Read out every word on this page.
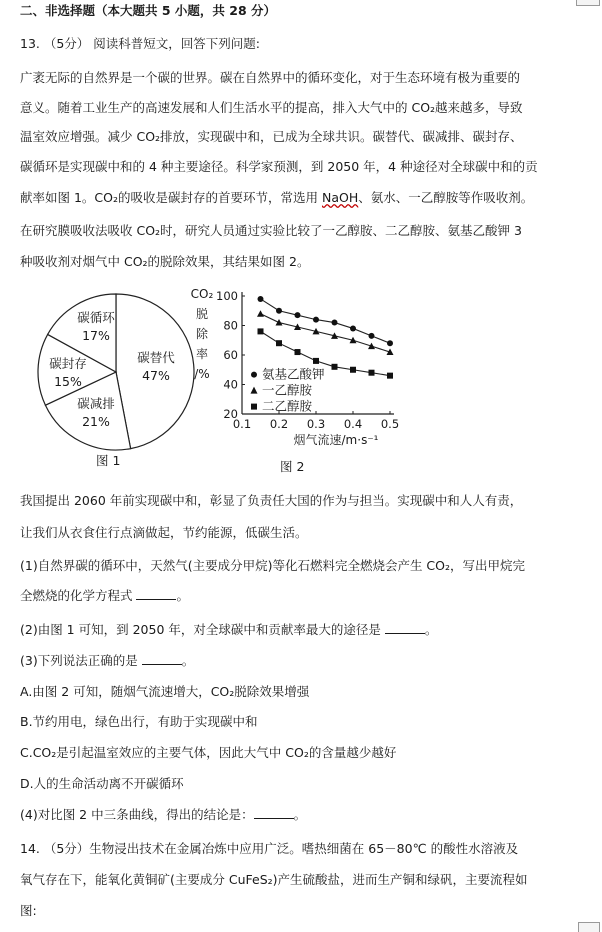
二、非选择题（本大题共 5 小题，共 28 分）
13. （5分） 阅读科普短文，回答下列问题:
广袤无际的自然界是一个碳的世界。碳在自然界中的循环变化，对于生态环境有极为重要的
意义。随着工业生产的高速发展和人们生活水平的提高，排入大气中的 CO₂越来越多，导致
温室效应增强。减少 CO₂排放，实现碳中和，已成为全球共识。碳替代、碳减排、碳封存、
碳循环是实现碳中和的 4 种主要途径。科学家预测，到 2050 年，4 种途径对全球碳中和的贡
献率如图 1。CO₂的吸收是碳封存的首要环节，常选用 NaOH、氨水、一乙醇胺等作吸收剂。
在研究膜吸收法吸收 CO₂时，研究人员通过实验比较了一乙醇胺、二乙醇胺、氨基乙酸钾 3
种吸收剂对烟气中 CO₂的脱除效果，其结果如图 2。
碳替代
47%
碳减排
21%
碳封存
15%
碳循环
17%
图 1
CO₂
脱
除
率
/%
20
40
60
80
100
0.1 0.2 0.3 0.4 0.5
烟气流速/m·s⁻¹
氨基乙酸钾
一乙醇胺
二乙醇胺
图 2
我国提出 2060 年前实现碳中和，彰显了负责任大国的作为与担当。实现碳中和人人有责，
让我们从衣食住行点滴做起，节约能源，低碳生活。
(1)自然界碳的循环中，天然气(主要成分甲烷)等化石燃料完全燃烧会产生 CO₂，写出甲烷完
全燃烧的化学方程式	。
(2)由图 1 可知，到 2050 年，对全球碳中和贡献率最大的途径是	。
(3)下列说法正确的是	。
A.由图 2 可知，随烟气流速增大，CO₂脱除效果增强
B.节约用电，绿色出行，有助于实现碳中和
C.CO₂是引起温室效应的主要气体，因此大气中 CO₂的含量越少越好
D.人的生命活动离不开碳循环
(4)对比图 2 中三条曲线，得出的结论是：	。
14. （5分）生物浸出技术在金属冶炼中应用广泛。嗜热细菌在 65－80℃ 的酸性水溶液及
氧气存在下，能氧化黄铜矿(主要成分 CuFeS₂)产生硫酸盐，进而生产铜和绿矾，主要流程如
图:
